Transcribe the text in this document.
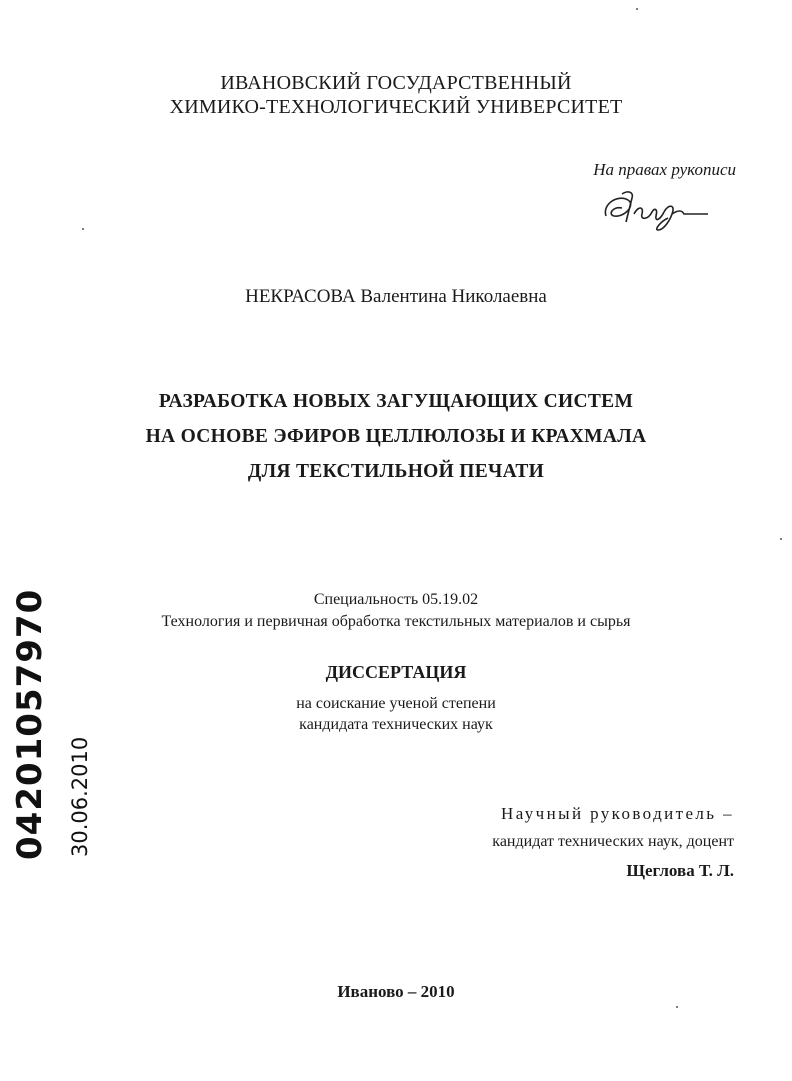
ИВАНОВСКИЙ ГОСУДАРСТВЕННЫЙ
ХИМИКО-ТЕХНОЛОГИЧЕСКИЙ УНИВЕРСИТЕТ
На правах рукописи
НЕКРАСОВА Валентина Николаевна
РАЗРАБОТКА НОВЫХ ЗАГУЩАЮЩИХ СИСТЕМ
НА ОСНОВЕ ЭФИРОВ ЦЕЛЛЮЛОЗЫ И КРАХМАЛА
ДЛЯ ТЕКСТИЛЬНОЙ ПЕЧАТИ
Специальность 05.19.02
Технология и первичная обработка текстильных материалов и сырья
ДИССЕРТАЦИЯ
на соискание ученой степени
кандидата технических наук
Научный руководитель –
кандидат технических наук, доцент
Щеглова Т. Л.
Иваново – 2010
04201057970 30.06.2010
